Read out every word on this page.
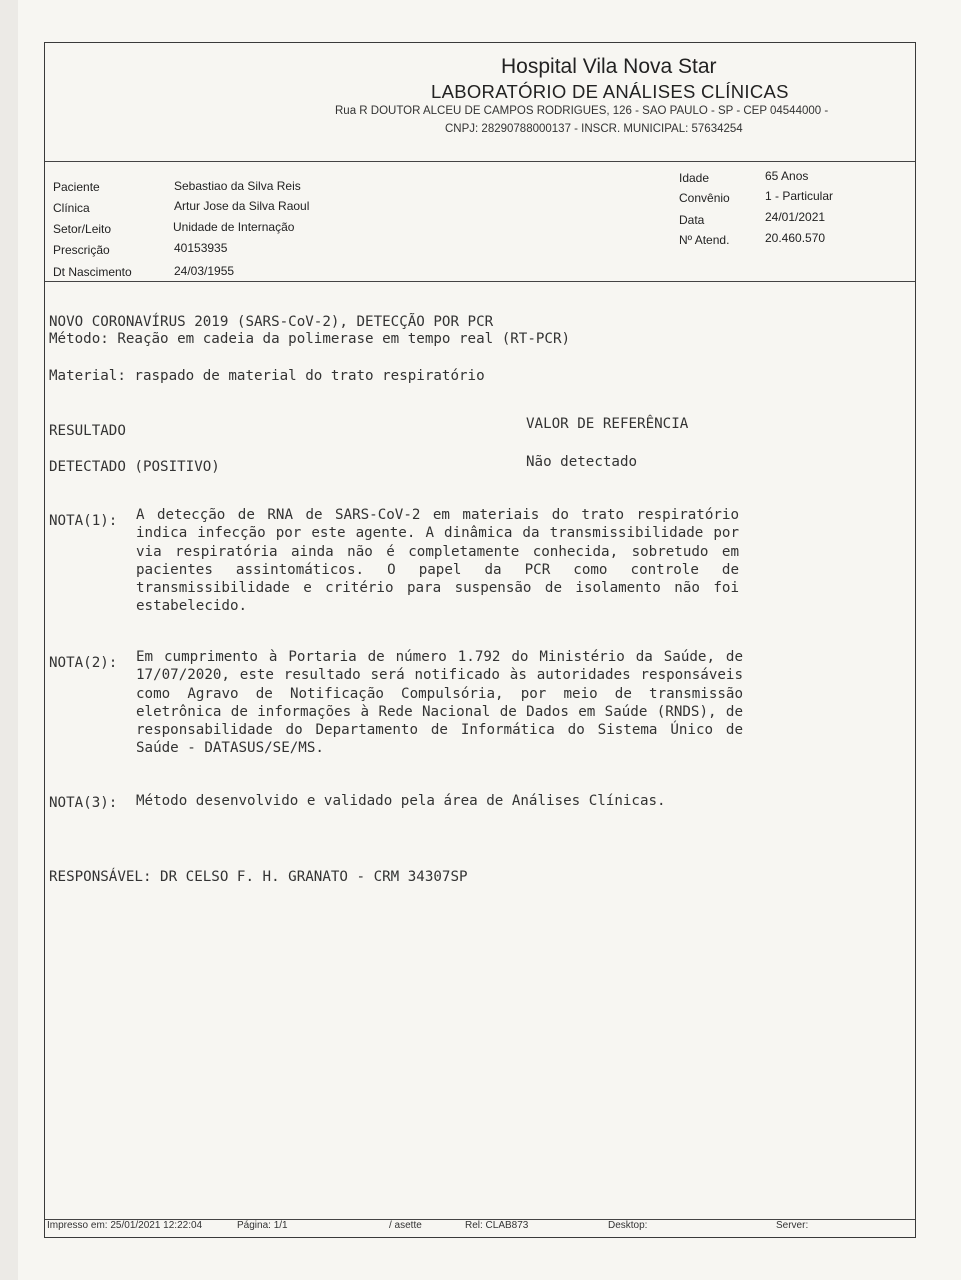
Hospital Vila Nova Star
LABORATÓRIO DE ANÁLISES CLÍNICAS
Rua R DOUTOR ALCEU DE CAMPOS RODRIGUES, 126 - SAO PAULO - SP - CEP 04544000 -
CNPJ: 28290788000137 - INSCR. MUNICIPAL: 57634254
Paciente	Sebastiao da Silva Reis
Clínica	Artur Jose da Silva Raoul
Setor/Leito	Unidade de Internação
Prescrição	40153935
Dt Nascimento	24/03/1955
Idade	65 Anos
Convênio	1 - Particular
Data	24/01/2021
Nº Atend.	20.460.570
NOVO CORONAVÍRUS 2019 (SARS-CoV-2), DETECÇÃO POR PCR
Método: Reação em cadeia da polimerase em tempo real (RT-PCR)
Material: raspado de material do trato respiratório
RESULTADO	VALOR DE REFERÊNCIA
DETECTADO (POSITIVO)	Não detectado
NOTA(1): A detecção de RNA de SARS-CoV-2 em materiais do trato respiratório indica infecção por este agente. A dinâmica da transmissibilidade por via respiratória ainda não é completamente conhecida, sobretudo em pacientes assintomáticos. O papel da PCR como controle de transmissibilidade e critério para suspensão de isolamento não foi estabelecido.
NOTA(2): Em cumprimento à Portaria de número 1.792 do Ministério da Saúde, de 17/07/2020, este resultado será notificado às autoridades responsáveis como Agravo de Notificação Compulsória, por meio de transmissão eletrônica de informações à Rede Nacional de Dados em Saúde (RNDS), de responsabilidade do Departamento de Informática do Sistema Único de Saúde - DATASUS/SE/MS.
NOTA(3): Método desenvolvido e validado pela área de Análises Clínicas.
RESPONSÁVEL: DR CELSO F. H. GRANATO - CRM 34307SP
Impresso em: 25/01/2021 12:22:04	Página: 1/1	/ asette	Rel: CLAB873	Desktop:	Server:
